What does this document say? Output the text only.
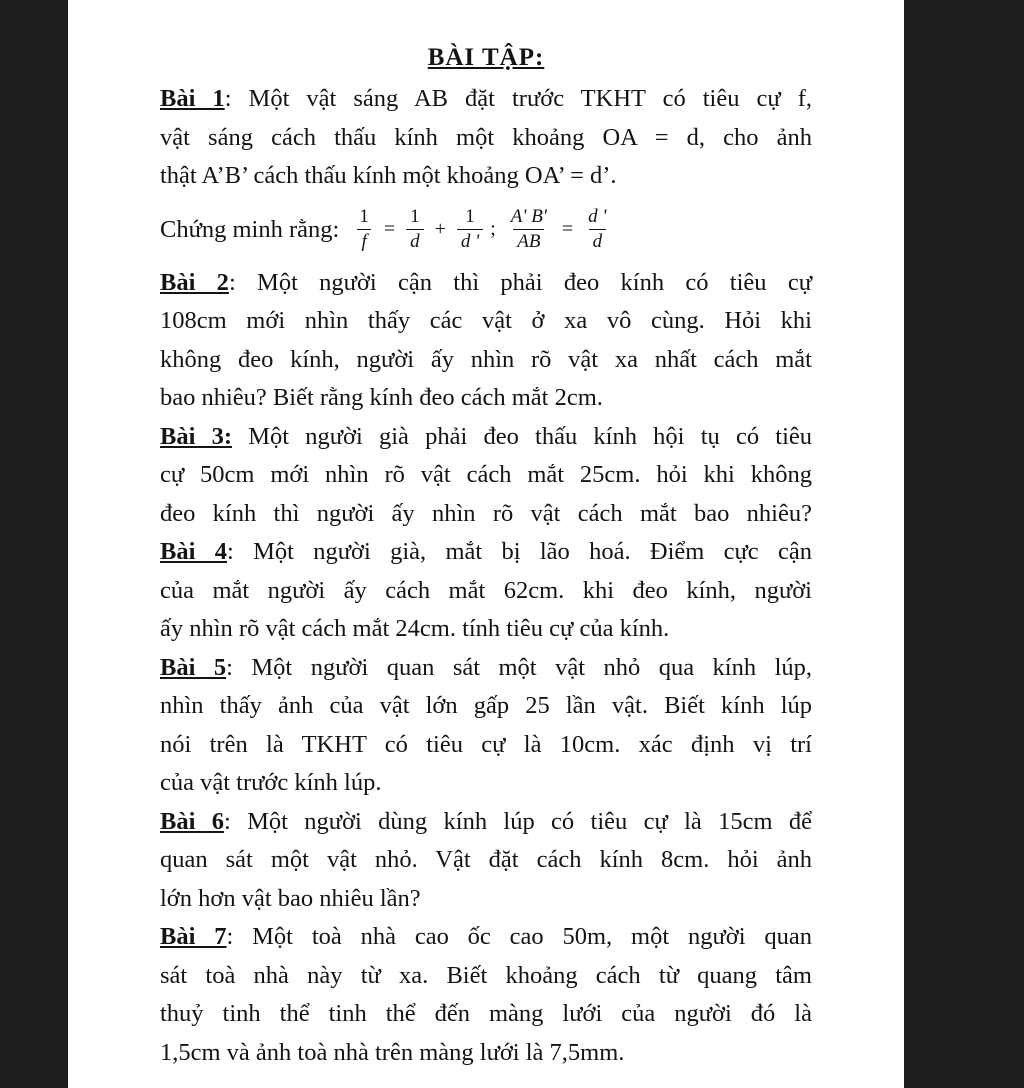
BÀI TẬP:
Bài 1: Một vật sáng AB đặt trước TKHT có tiêu cự f,
vật sáng cách thấu kính một khoảng OA = d, cho ảnh
thật A’B’ cách thấu kính một khoảng OA’ = d’.
Chứng minh rằng: $\frac{1}{f} = \frac{1}{d} + \frac{1}{d '}$ ; $\frac{A' B'}{AB} = \frac{d '}{d}$
Bài 2: Một người cận thì phải đeo kính có tiêu cự
108cm mới nhìn thấy các vật ở xa vô cùng. Hỏi khi
không đeo kính, người ấy nhìn rõ vật xa nhất cách mắt
bao nhiêu? Biết rằng kính đeo cách mắt 2cm.
Bài 3: Một người già phải đeo thấu kính hội tụ có tiêu
cự 50cm mới nhìn rõ vật cách mắt 25cm. hỏi khi không
đeo kính thì người ấy nhìn rõ vật cách mắt bao nhiêu?
Bài 4: Một người già, mắt bị lão hoá. Điểm cực cận
của mắt người ấy cách mắt 62cm. khi đeo kính, người
ấy nhìn rõ vật cách mắt 24cm. tính tiêu cự của kính.
Bài 5: Một người quan sát một vật nhỏ qua kính lúp,
nhìn thấy ảnh của vật lớn gấp 25 lần vật. Biết kính lúp
nói trên là TKHT có tiêu cự là 10cm. xác định vị trí
của vật trước kính lúp.
Bài 6: Một người dùng kính lúp có tiêu cự là 15cm để
quan sát một vật nhỏ. Vật đặt cách kính 8cm. hỏi ảnh
lớn hơn vật bao nhiêu lần?
Bài 7: Một toà nhà cao ốc cao 50m, một người quan
sát toà nhà này từ xa. Biết khoảng cách từ quang tâm
thuỷ tinh thể tinh thể đến màng lưới của người đó là
1,5cm và ảnh toà nhà trên màng lưới là 7,5mm.
